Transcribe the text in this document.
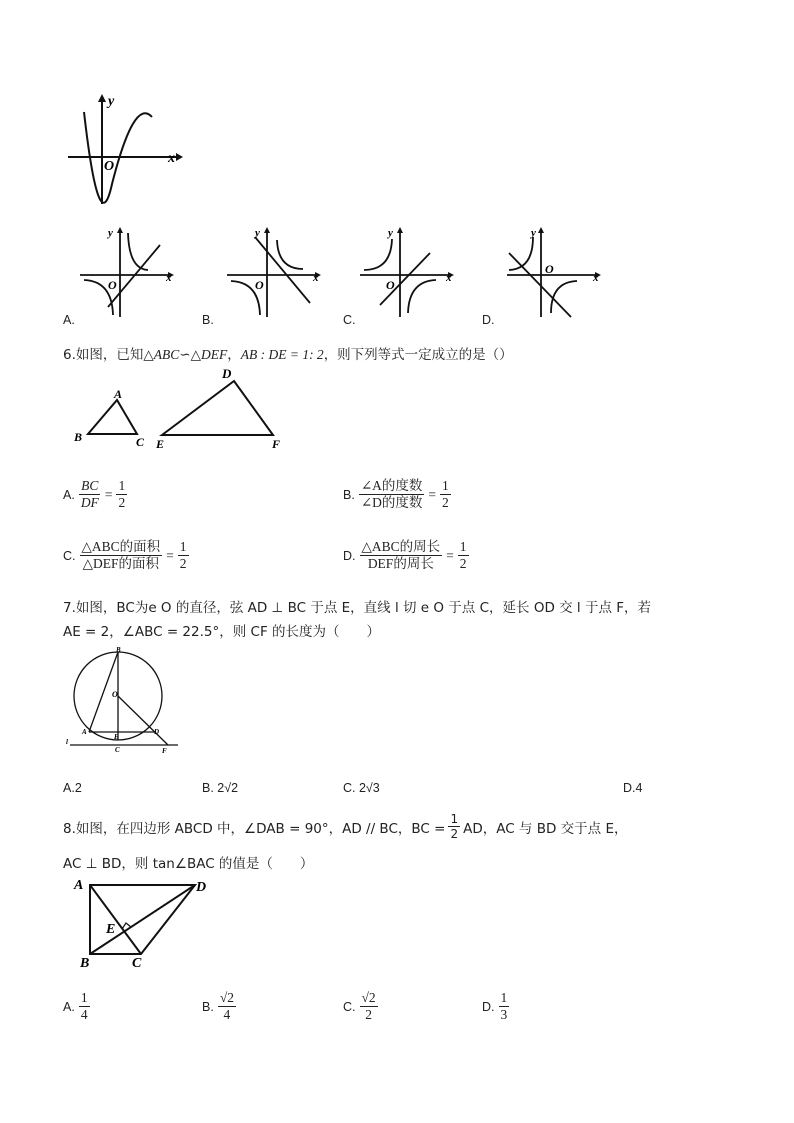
y
x
O
y
x
O
y
x
O
y
x
O
y
x
O
A.	B.	C.	D.
6.如图，已知△ABC∽△DEF，AB : DE = 1: 2，则下列等式一定成立的是（）
A
B	C
D
E	F
A. $\frac{BC}{DF} = \frac{1}{2}$	B. $\frac{\text{∠A的度数}}{\text{∠D的度数}} = \frac{1}{2}$
C. $\frac{\text{△ABC的面积}}{\text{△DEF的面积}} = \frac{1}{2}$	D. $\frac{\text{△ABC的周长}}{\text{DEF的周长}} = \frac{1}{2}$
7.如图，BC为e O 的直径，弦 AD ⊥ BC 于点 E，直线 l 切 e O 于点 C，延长 OD 交 l 于点 F，若
AE = 2，∠ABC = 22.5°，则 CF 的长度为（　　）
B
O
A
E
D
l
C	F
A.2	B. 2√2	C. 2√3	D.4
8.如图，在四边形 ABCD 中，∠DAB = 90°，AD // BC，BC = $\frac{1}{2}$ AD，AC 与 BD 交于点 E，
AC ⊥ BD，则 tan∠BAC 的值是（　　）
A	D
E
B	C
A. $\frac{1}{4}$	B. $\frac{√2}{4}$	C. $\frac{√2}{2}$	D. $\frac{1}{3}$
